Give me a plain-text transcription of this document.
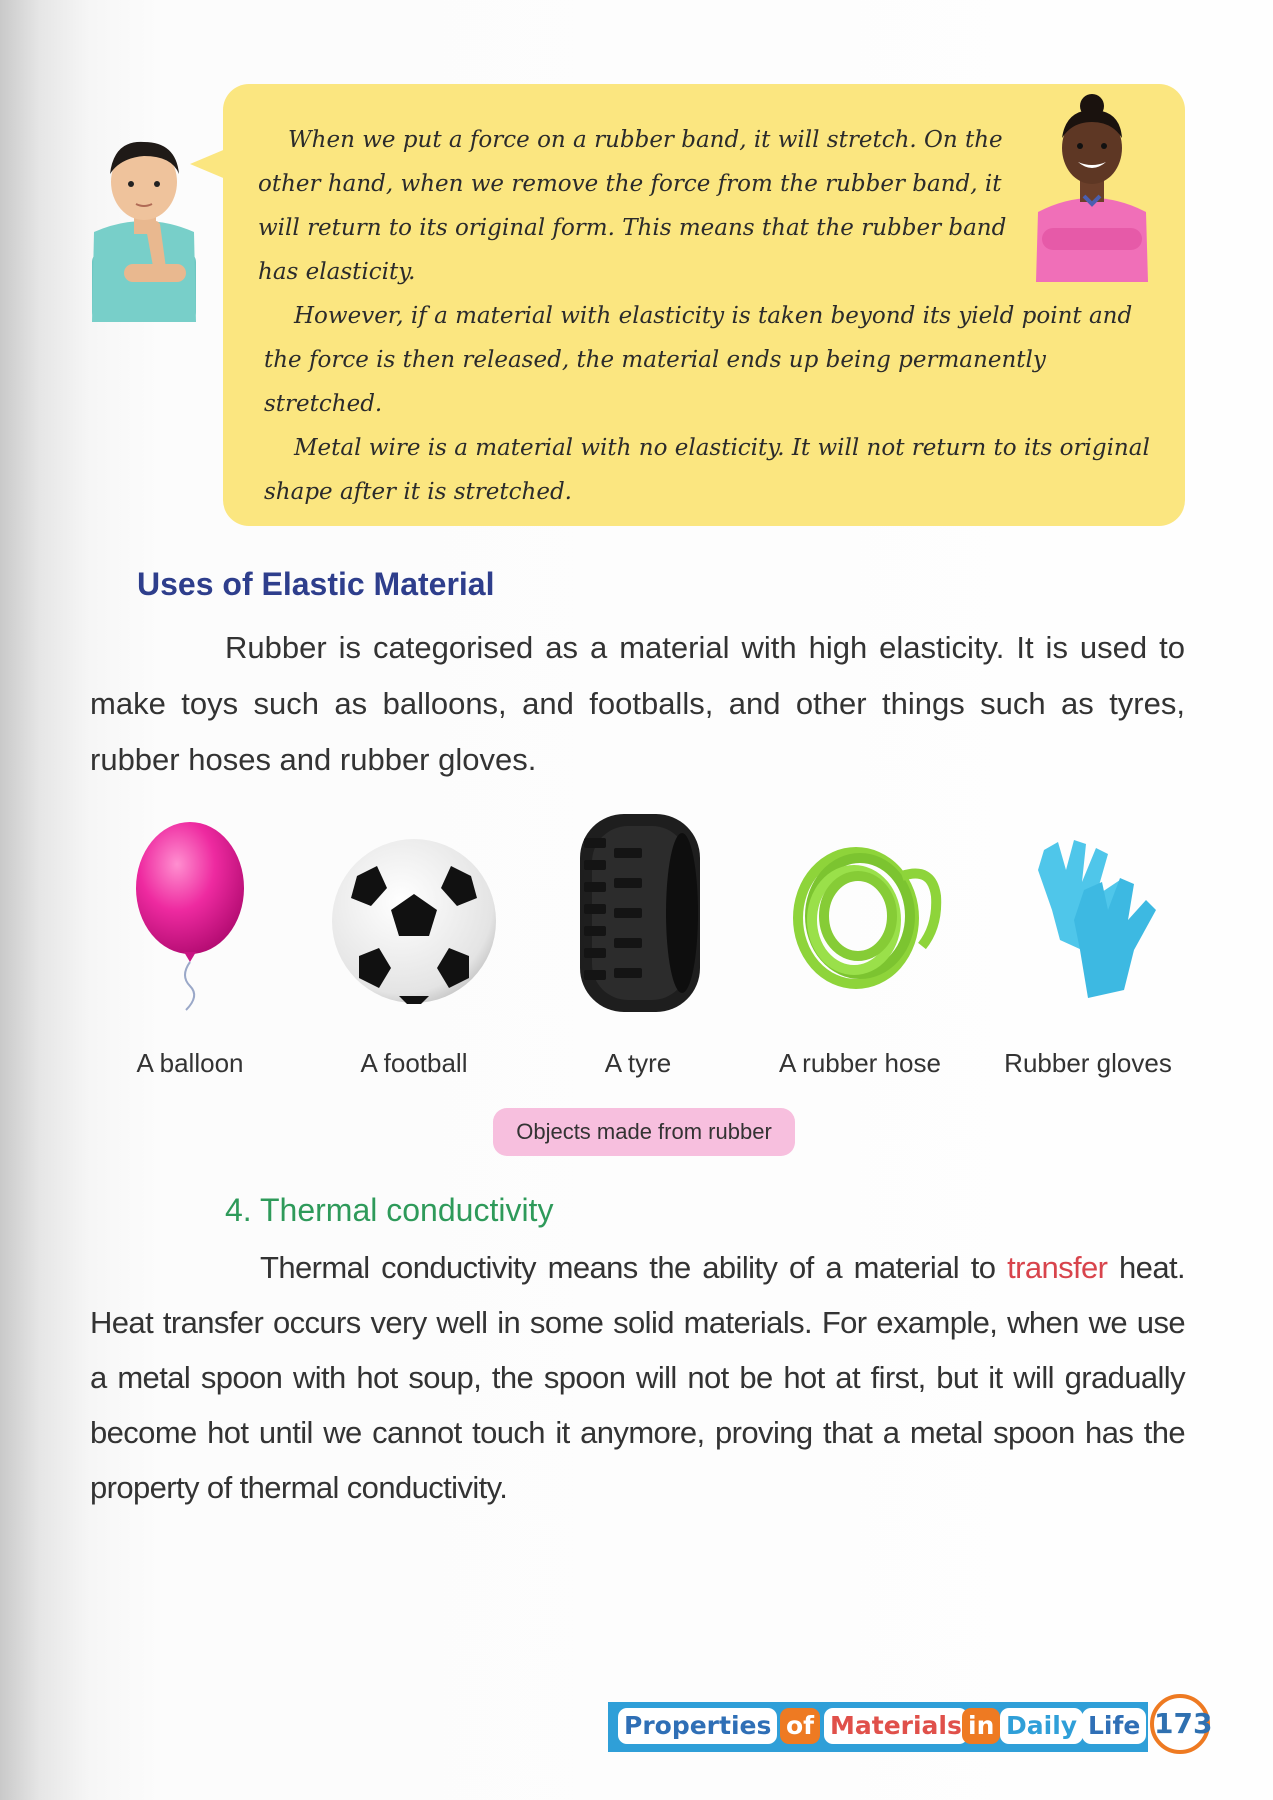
When we put a force on a rubber band, it will stretch. On the other hand, when we remove the force from the rubber band, it will return to its original form. This means that the rubber band has elasticity.

However, if a material with elasticity is taken beyond its yield point and the force is then released, the material ends up being permanently stretched.

Metal wire is a material with no elasticity. It will not return to its original shape after it is stretched.

Uses of Elastic Material

Rubber is categorised as a material with high elasticity. It is used to make toys such as balloons, and footballs, and other things such as tyres, rubber hoses and rubber gloves.

A balloon	A football	A tyre	A rubber hose	Rubber gloves
Objects made from rubber
4. Thermal conductivity

Thermal conductivity means the ability of a material to transfer heat. Heat transfer occurs very well in some solid materials. For example, when we use a metal spoon with hot soup, the spoon will not be hot at first, but it will gradually become hot until we cannot touch it anymore, proving that a metal spoon has the property of thermal conductivity.

Properties of Materials in Daily Life 173
